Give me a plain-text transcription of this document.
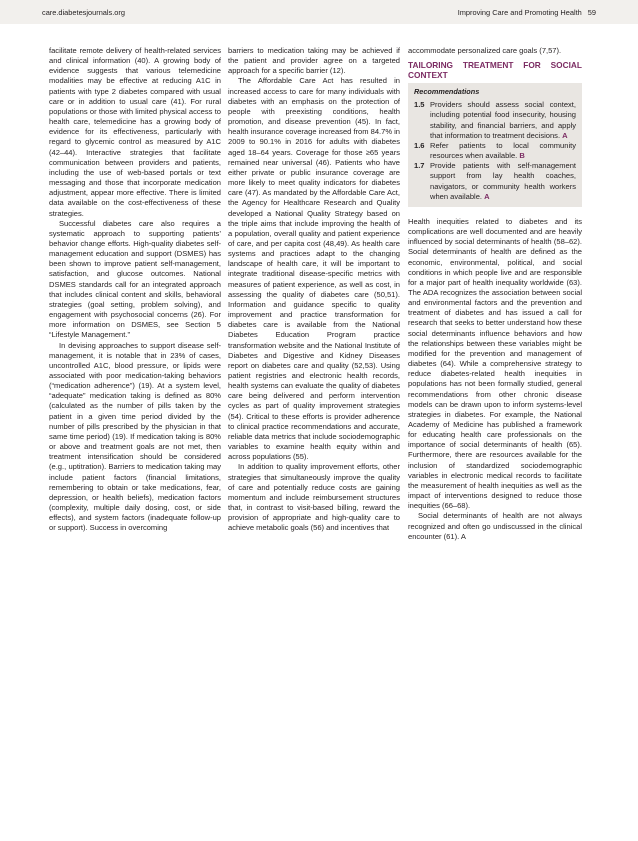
care.diabetesjournals.org	Improving Care and Promoting Health 59

facilitate remote delivery of health-related services and clinical information (40). A growing body of evidence suggests that various telemedicine modalities may be effective at reducing A1C in patients with type 2 diabetes compared with usual care or in addition to usual care (41). For rural populations or those with limited physical access to health care, telemedicine has a growing body of evidence for its effectiveness, particularly with regard to glycemic control as measured by A1C (42–44). Interactive strategies that facilitate communication between providers and patients, including the use of web-based portals or text messaging and those that incorporate medication adjustment, appear more effective. There is limited data available on the cost-effectiveness of these strategies.

Successful diabetes care also requires a systematic approach to supporting patients’ behavior change efforts. High-quality diabetes self-management education and support (DSMES) has been shown to improve patient self-management, satisfaction, and glucose outcomes. National DSMES standards call for an integrated approach that includes clinical content and skills, behavioral strategies (goal setting, problem solving), and engagement with psychosocial concerns (26). For more information on DSMES, see Section 5 “Lifestyle Management.”

In devising approaches to support disease self-management, it is notable that in 23% of cases, uncontrolled A1C, blood pressure, or lipids were associated with poor medication-taking behaviors (“medication adherence”) (19). At a system level, “adequate” medication taking is defined as 80% (calculated as the number of pills taken by the patient in a given time period divided by the number of pills prescribed by the physician in that same time period) (19). If medication taking is 80% or above and treatment goals are not met, then treatment intensification should be considered (e.g., uptitration). Barriers to medication taking may include patient factors (financial limitations, remembering to obtain or take medications, fear, depression, or health beliefs), medication factors (complexity, multiple daily dosing, cost, or side effects), and system factors (inadequate follow-up or support). Success in overcoming

barriers to medication taking may be achieved if the patient and provider agree on a targeted approach for a specific barrier (12).

The Affordable Care Act has resulted in increased access to care for many individuals with diabetes with an emphasis on the protection of people with preexisting conditions, health promotion, and disease prevention (45). In fact, health insurance coverage increased from 84.7% in 2009 to 90.1% in 2016 for adults with diabetes aged 18–64 years. Coverage for those ≥65 years remained near universal (46). Patients who have either private or public insurance coverage are more likely to meet quality indicators for diabetes care (47). As mandated by the Affordable Care Act, the Agency for Healthcare Research and Quality developed a National Quality Strategy based on the triple aims that include improving the health of a population, overall quality and patient experience of care, and per capita cost (48,49). As health care systems and practices adapt to the changing landscape of health care, it will be important to integrate traditional disease-specific metrics with measures of patient experience, as well as cost, in assessing the quality of diabetes care (50,51). Information and guidance specific to quality improvement and practice transformation for diabetes care is available from the National Diabetes Education Program practice transformation website and the National Institute of Diabetes and Digestive and Kidney Diseases report on diabetes care and quality (52,53). Using patient registries and electronic health records, health systems can evaluate the quality of diabetes care being delivered and perform intervention cycles as part of quality improvement strategies (54). Critical to these efforts is provider adherence to clinical practice recommendations and accurate, reliable data metrics that include sociodemographic variables to examine health equity within and across populations (55).

In addition to quality improvement efforts, other strategies that simultaneously improve the quality of care and potentially reduce costs are gaining momentum and include reimbursement structures that, in contrast to visit-based billing, reward the provision of appropriate and high-quality care to achieve metabolic goals (56) and incentives that

accommodate personalized care goals (7,57).

TAILORING TREATMENT FOR SOCIAL CONTEXT
Recommendations
1.5 Providers should assess social context, including potential food insecurity, housing stability, and financial barriers, and apply that information to treatment decisions. A
1.6 Refer patients to local community resources when available. B
1.7 Provide patients with self-management support from lay health coaches, navigators, or community health workers when available. A

Health inequities related to diabetes and its complications are well documented and are heavily influenced by social determinants of health (58–62). Social determinants of health are defined as the economic, environmental, political, and social conditions in which people live and are responsible for a major part of health inequality worldwide (63). The ADA recognizes the association between social and environmental factors and the prevention and treatment of diabetes and has issued a call for research that seeks to better understand how these social determinants influence behaviors and how the relationships between these variables might be modified for the prevention and management of diabetes (64). While a comprehensive strategy to reduce diabetes-related health inequities in populations has not been formally studied, general recommendations from other chronic disease models can be drawn upon to inform systems-level strategies in diabetes. For example, the National Academy of Medicine has published a framework for educating health care professionals on the importance of social determinants of health (65). Furthermore, there are resources available for the inclusion of standardized sociodemographic variables in electronic medical records to facilitate the measurement of health inequities as well as the impact of interventions designed to reduce those inequities (66–68).

Social determinants of health are not always recognized and often go undiscussed in the clinical encounter (61). A
